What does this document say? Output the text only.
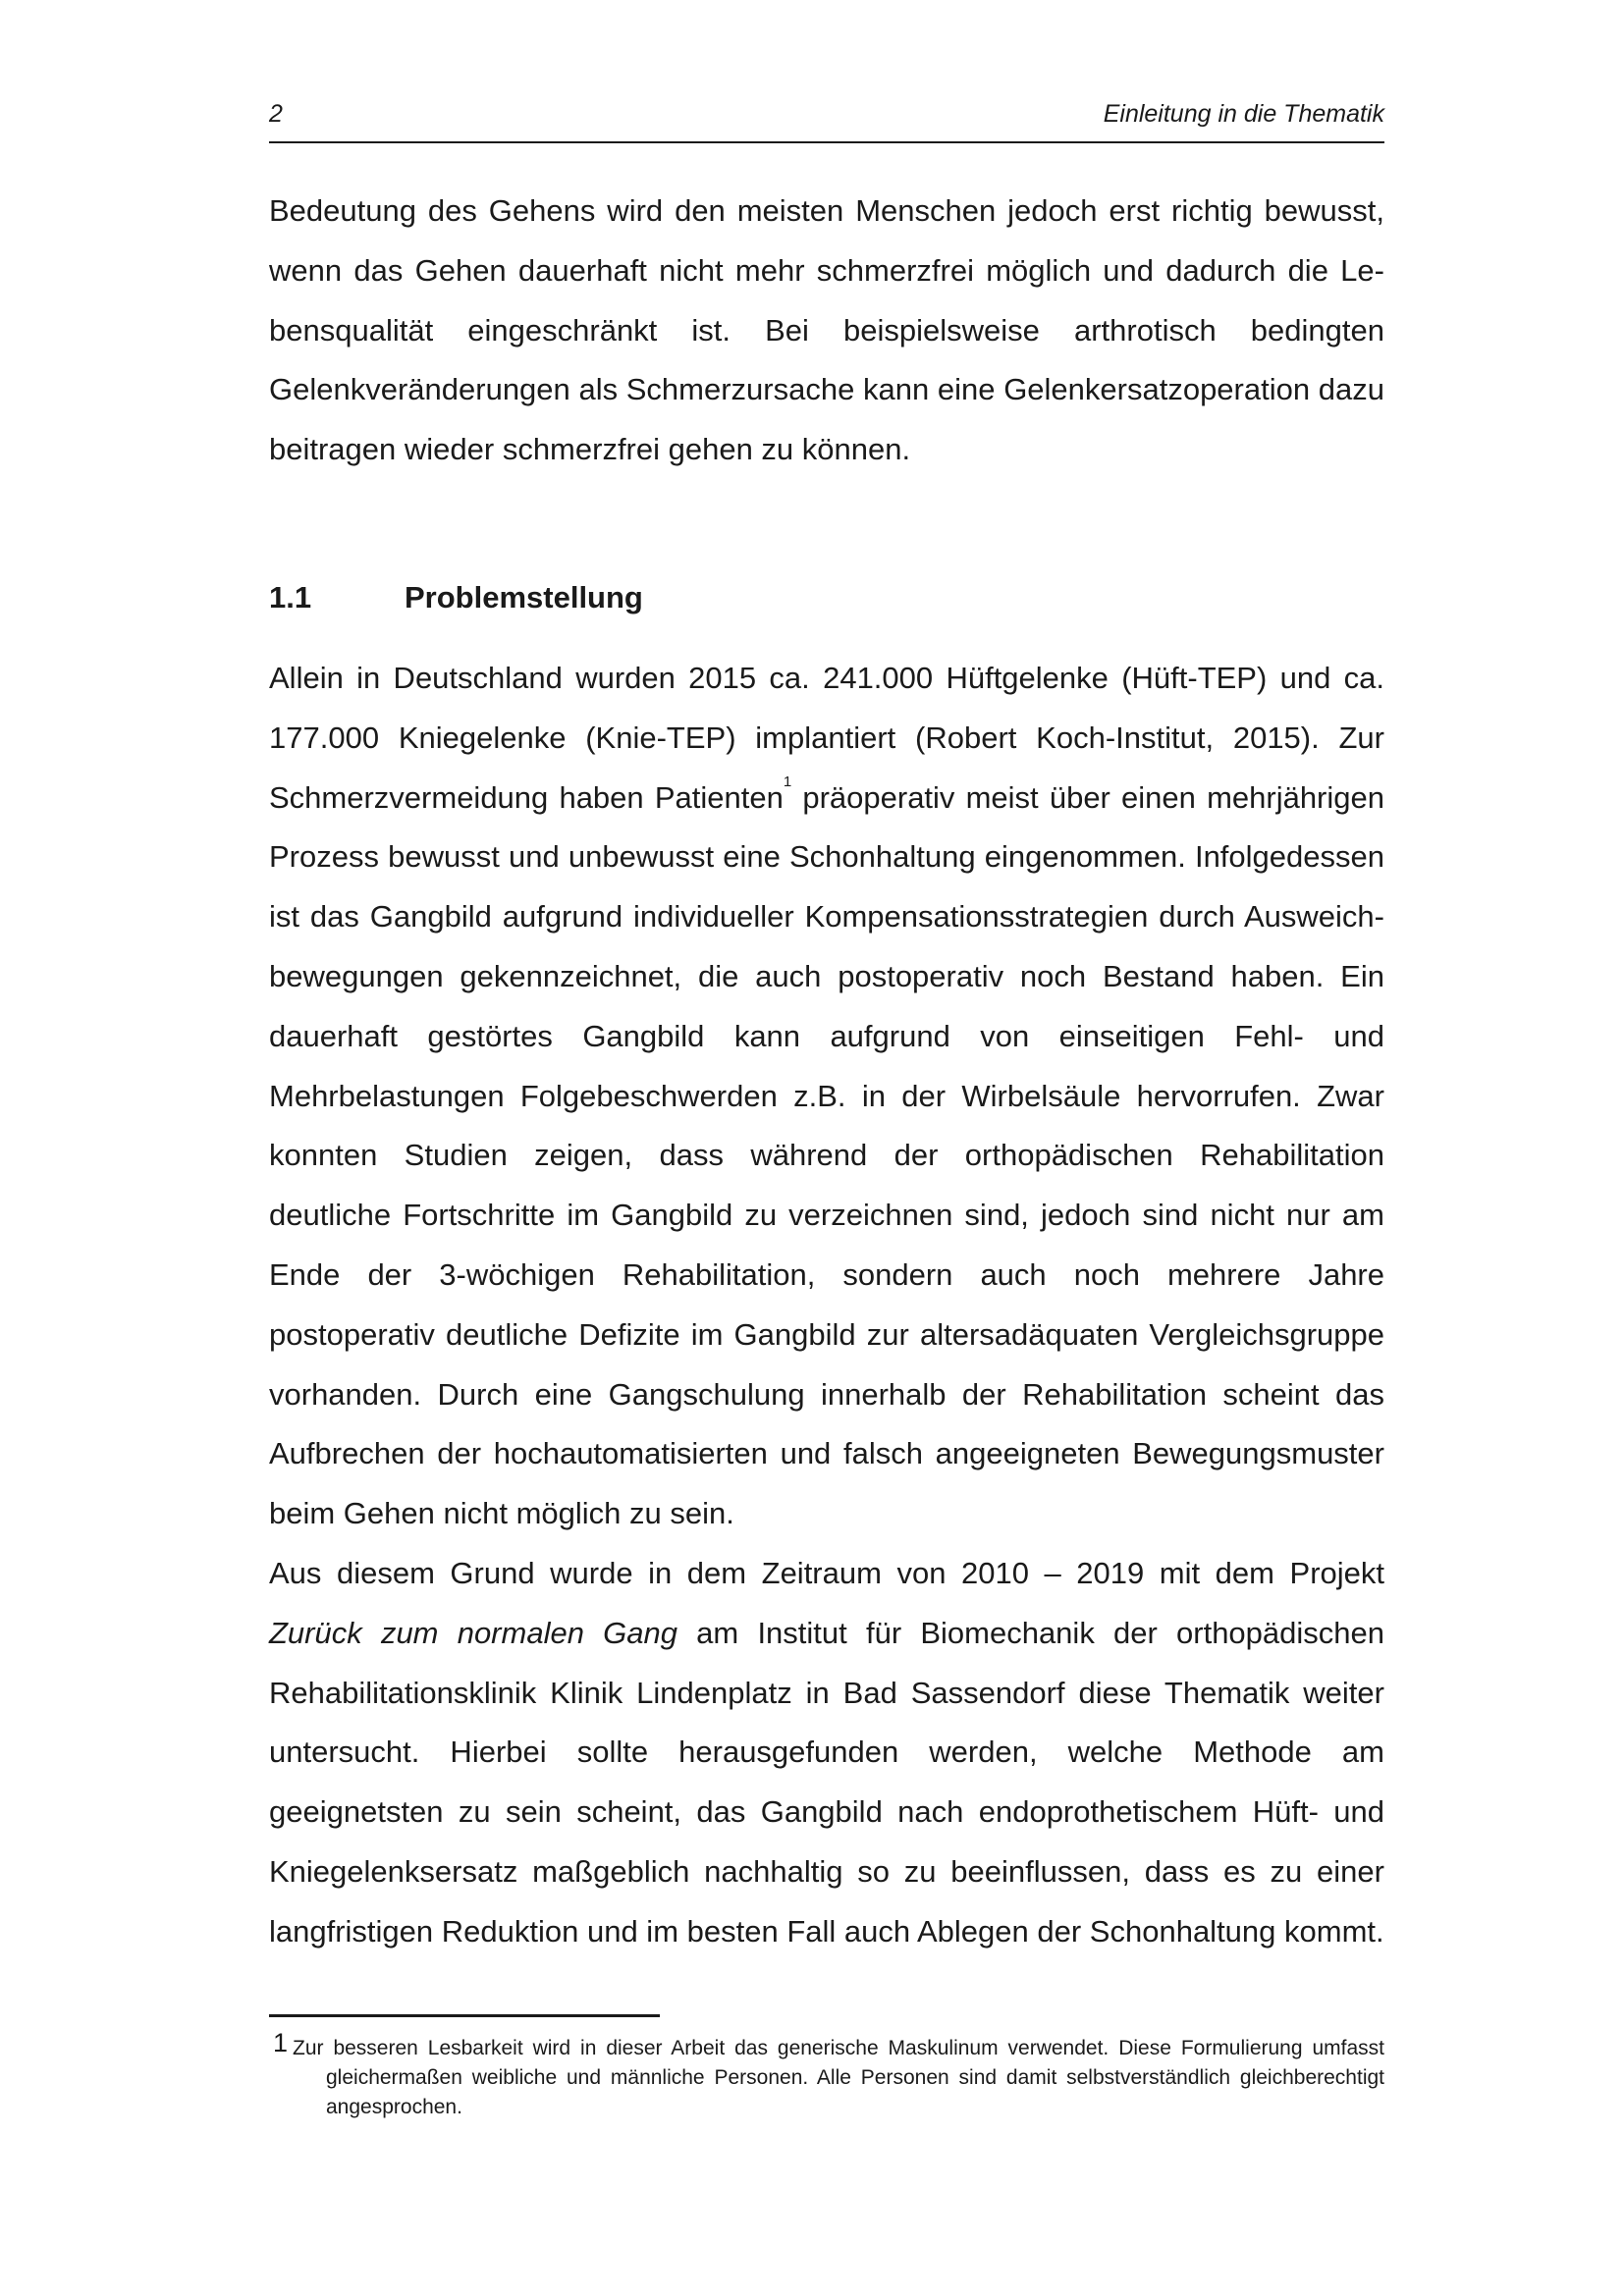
2	Einleitung in die Thematik

Bedeutung des Gehens wird den meisten Menschen jedoch erst richtig bewusst, wenn das Gehen dauerhaft nicht mehr schmerzfrei möglich und dadurch die Lebensqualität eingeschränkt ist. Bei beispielsweise arthrotisch bedingten Gelenkveränderungen als Schmerzursache kann eine Gelenkersatzoperation dazu beitragen wieder schmerzfrei gehen zu können.

1.1	Problemstellung

Allein in Deutschland wurden 2015 ca. 241.000 Hüftgelenke (Hüft-TEP) und ca. 177.000 Kniegelenke (Knie-TEP) implantiert (Robert Koch-Institut, 2015). Zur Schmerzvermeidung haben Patienten$^1$ präoperativ meist über einen mehrjährigen Prozess bewusst und unbewusst eine Schonhaltung eingenommen. Infolgedessen ist das Gangbild aufgrund individueller Kompensationsstrategien durch Ausweichbewegungen gekennzeichnet, die auch postoperativ noch Bestand haben. Ein dauerhaft gestörtes Gangbild kann aufgrund von einseitigen Fehl- und Mehrbelastungen Folgebeschwerden z.B. in der Wirbelsäule hervorrufen. Zwar konnten Studien zeigen, dass während der orthopädischen Rehabilitation deutliche Fortschritte im Gangbild zu verzeichnen sind, jedoch sind nicht nur am Ende der 3-wöchigen Rehabilitation, sondern auch noch mehrere Jahre postoperativ deutliche Defizite im Gangbild zur altersadäquaten Vergleichsgruppe vorhanden. Durch eine Gangschulung innerhalb der Rehabilitation scheint das Aufbrechen der hochautomatisierten und falsch angeeigneten Bewegungsmuster beim Gehen nicht möglich zu sein.

Aus diesem Grund wurde in dem Zeitraum von 2010 – 2019 mit dem Projekt Zurück zum normalen Gang am Institut für Biomechanik der orthopädischen Rehabilitationsklinik Klinik Lindenplatz in Bad Sassendorf diese Thematik weiter untersucht. Hierbei sollte herausgefunden werden, welche Methode am geeignetsten zu sein scheint, das Gangbild nach endoprothetischem Hüft- und Kniegelenksersatz maßgeblich nachhaltig so zu beeinflussen, dass es zu einer langfristigen Reduktion und im besten Fall auch Ablegen der Schonhaltung kommt.

1 Zur besseren Lesbarkeit wird in dieser Arbeit das generische Maskulinum verwendet. Diese Formulierung umfasst gleichermaßen weibliche und männliche Personen. Alle Personen sind damit selbstverständlich gleichberechtigt angesprochen.
